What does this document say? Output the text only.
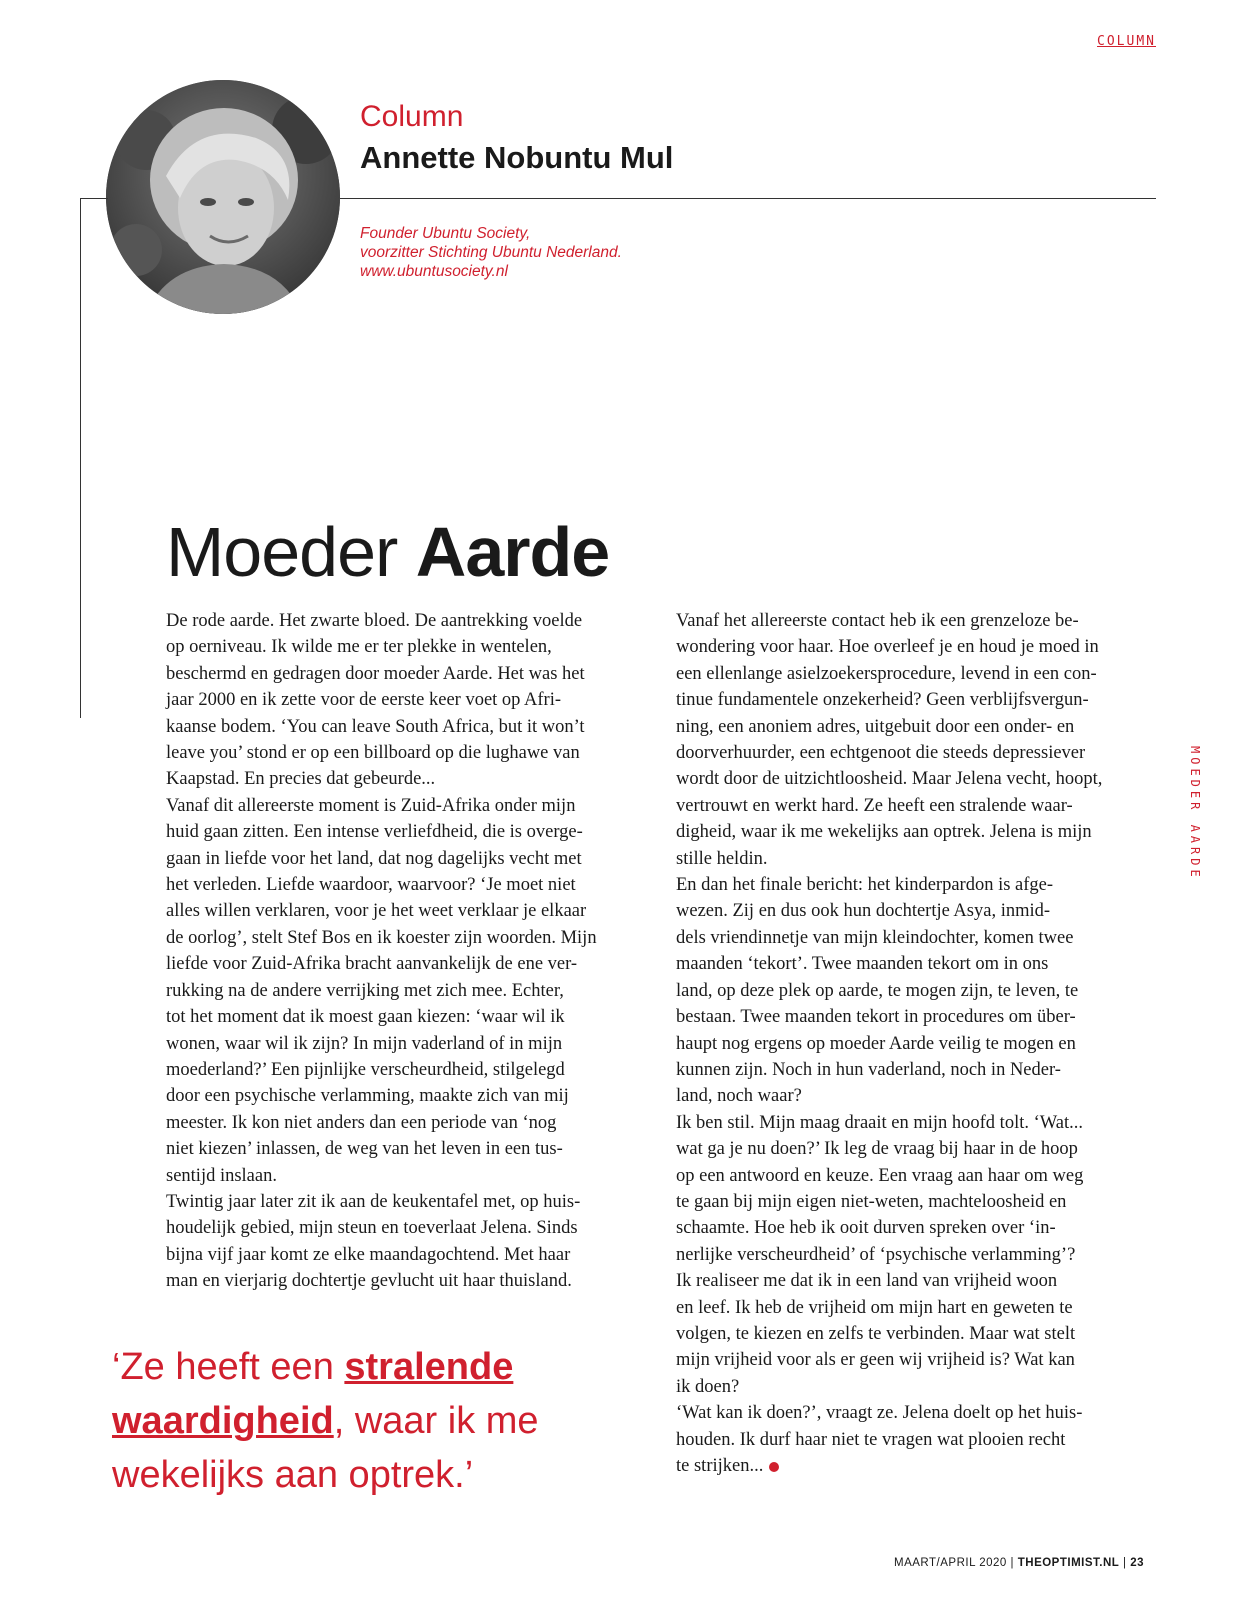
COLUMN
Column
Annette Nobuntu Mul
Founder Ubuntu Society,
voorzitter Stichting Ubuntu Nederland.
www.ubuntusociety.nl
Moeder Aarde
De rode aarde. Het zwarte bloed. De aantrekking voelde
op oerniveau. Ik wilde me er ter plekke in wentelen,
beschermd en gedragen door moeder Aarde. Het was het
jaar 2000 en ik zette voor de eerste keer voet op Afri-
kaanse bodem. ‘You can leave South Africa, but it won’t
leave you’ stond er op een billboard op die lughawe van
Kaapstad. En precies dat gebeurde...
Vanaf dit allereerste moment is Zuid-Afrika onder mijn
huid gaan zitten. Een intense verliefdheid, die is overge-
gaan in liefde voor het land, dat nog dagelijks vecht met
het verleden. Liefde waardoor, waarvoor? ‘Je moet niet
alles willen verklaren, voor je het weet verklaar je elkaar
de oorlog’, stelt Stef Bos en ik koester zijn woorden. Mijn
liefde voor Zuid-Afrika bracht aanvankelijk de ene ver-
rukking na de andere verrijking met zich mee. Echter,
tot het moment dat ik moest gaan kiezen: ‘waar wil ik
wonen, waar wil ik zijn? In mijn vaderland of in mijn
moederland?’ Een pijnlijke verscheurdheid, stilgelegd
door een psychische verlamming, maakte zich van mij
meester. Ik kon niet anders dan een periode van ‘nog
niet kiezen’ inlassen, de weg van het leven in een tus-
sentijd inslaan.
Twintig jaar later zit ik aan de keukentafel met, op huis-
houdelijk gebied, mijn steun en toeverlaat Jelena. Sinds
bijna vijf jaar komt ze elke maandagochtend. Met haar
man en vierjarig dochtertje gevlucht uit haar thuisland.
Vanaf het allereerste contact heb ik een grenzeloze be-
wondering voor haar. Hoe overleef je en houd je moed in
een ellenlange asielzoekersprocedure, levend in een con-
tinue fundamentele onzekerheid? Geen verblijfsvergun-
ning, een anoniem adres, uitgebuit door een onder- en
doorverhuurder, een echtgenoot die steeds depressiever
wordt door de uitzichtloosheid. Maar Jelena vecht, hoopt,
vertrouwt en werkt hard. Ze heeft een stralende waar-
digheid, waar ik me wekelijks aan optrek. Jelena is mijn
stille heldin.
En dan het finale bericht: het kinderpardon is afge-
wezen. Zij en dus ook hun dochtertje Asya, inmid-
dels vriendinnetje van mijn kleindochter, komen twee
maanden ‘tekort’. Twee maanden tekort om in ons
land, op deze plek op aarde, te mogen zijn, te leven, te
bestaan. Twee maanden tekort in procedures om über-
haupt nog ergens op moeder Aarde veilig te mogen en
kunnen zijn. Noch in hun vaderland, noch in Neder-
land, noch waar?
Ik ben stil. Mijn maag draait en mijn hoofd tolt. ‘Wat...
wat ga je nu doen?’ Ik leg de vraag bij haar in de hoop
op een antwoord en keuze. Een vraag aan haar om weg
te gaan bij mijn eigen niet-weten, machteloosheid en
schaamte. Hoe heb ik ooit durven spreken over ‘in-
nerlijke verscheurdheid’ of ‘psychische verlamming’?
Ik realiseer me dat ik in een land van vrijheid woon
en leef. Ik heb de vrijheid om mijn hart en geweten te
volgen, te kiezen en zelfs te verbinden. Maar wat stelt
mijn vrijheid voor als er geen wij vrijheid is? Wat kan
ik doen?
‘Wat kan ik doen?’, vraagt ze. Jelena doelt op het huis-
houden. Ik durf haar niet te vragen wat plooien recht
te strijken...
‘Ze heeft een stralende
waardigheid, waar ik me
wekelijks aan optrek.’
MOEDER AARDE
MAART/APRIL 2020 | THEOPTIMIST.NL | 23
